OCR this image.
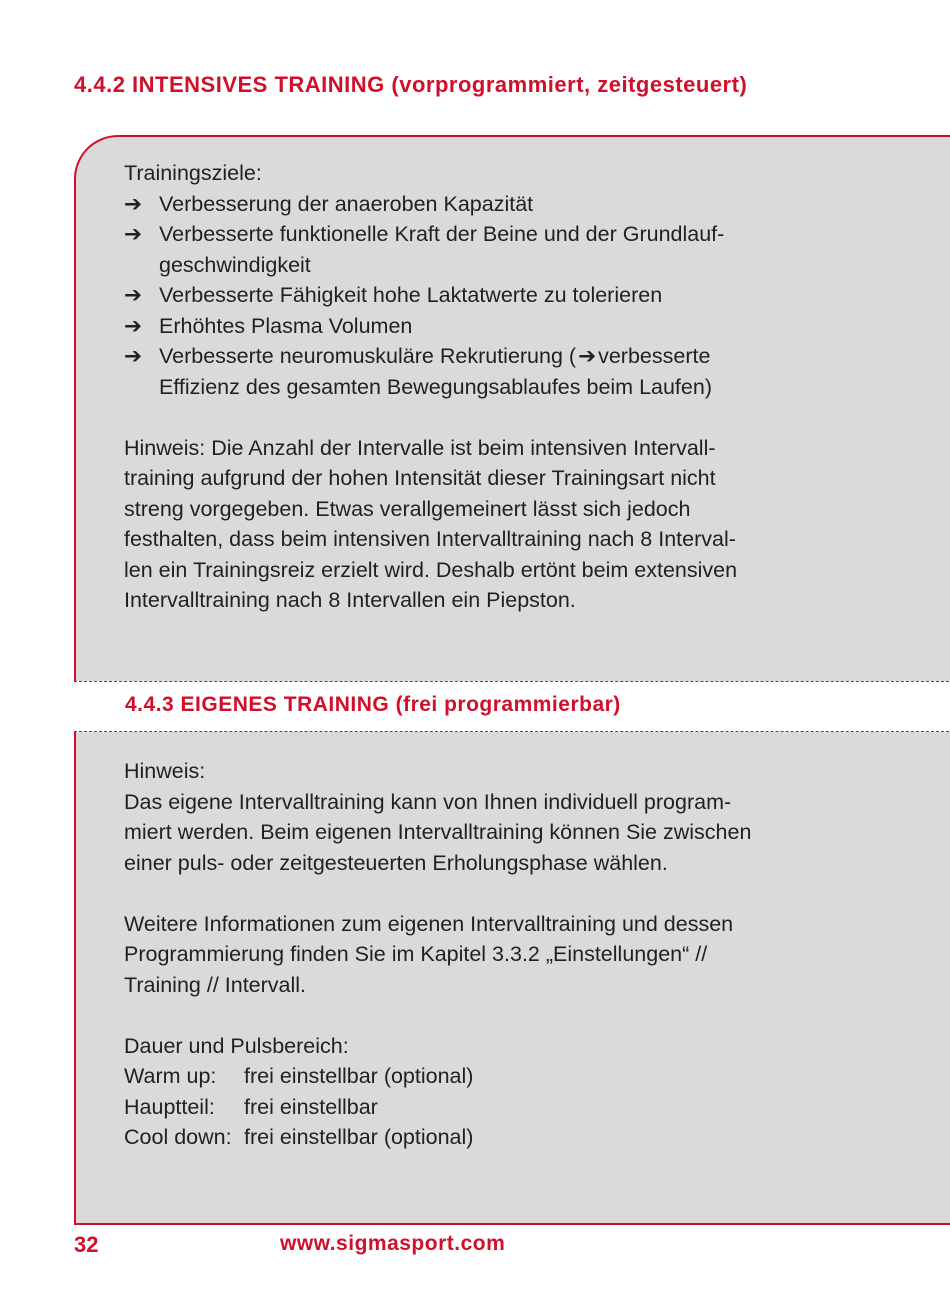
4.4.2 INTENSIVES TRAINING (vorprogrammiert, zeitgesteuert)

Trainingsziele:

➔ Verbesserung der anaeroben Kapazität
➔ Verbesserte funktionelle Kraft der Beine und der Grundlauf-
geschwindigkeit
➔ Verbesserte Fähigkeit hohe Laktatwerte zu tolerieren
➔ Erhöhtes Plasma Volumen
➔ Verbesserte neuromuskuläre Rekrutierung (➔verbesserte
Effizienz des gesamten Bewegungsablaufes beim Laufen)

Hinweis: Die Anzahl der Intervalle ist beim intensiven Intervall-

training aufgrund der hohen Intensität dieser Trainingsart nicht

streng vorgegeben. Etwas verallgemeinert lässt sich jedoch

festhalten, dass beim intensiven Intervalltraining nach 8 Interval-

len ein Trainingsreiz erzielt wird. Deshalb ertönt beim extensiven

Intervalltraining nach 8 Intervallen ein Piepston.

4.4.3 EIGENES TRAINING (frei programmierbar)

Hinweis:

Das eigene Intervalltraining kann von Ihnen individuell program-

miert werden. Beim eigenen Intervalltraining können Sie zwischen

einer puls- oder zeitgesteuerten Erholungsphase wählen.

Weitere Informationen zum eigenen Intervalltraining und dessen

Programmierung finden Sie im Kapitel 3.3.2 „Einstellungen“ //

Training // Intervall.

Dauer und Pulsbereich:

Warm up:	frei einstellbar (optional)
Hauptteil:	frei einstellbar
Cool down: frei einstellbar (optional)
32	www.sigmasport.com
